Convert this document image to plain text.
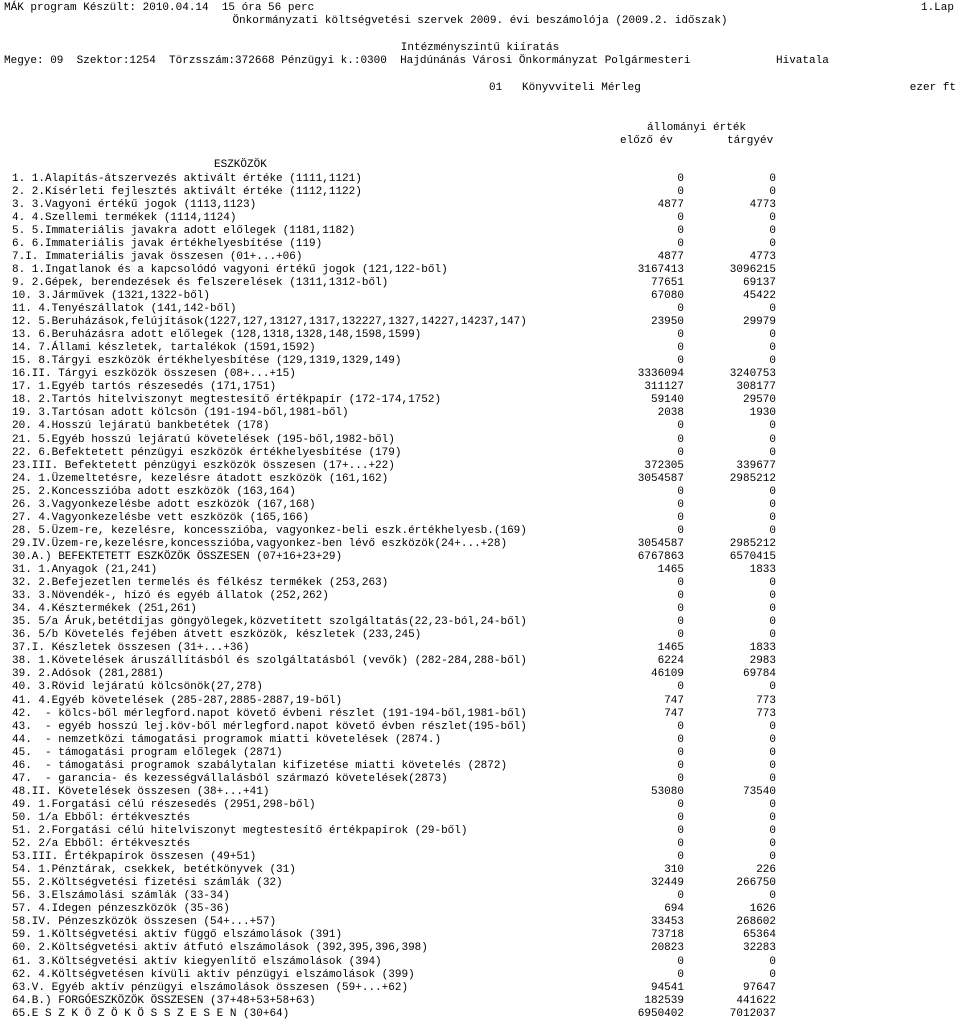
MÁK program Készült: 2010.04.14  15 óra 56 perc	1.Lap
Önkormányzati költségvetési szervek 2009. évi beszámolója (2009.2. időszak)
Intézményszintű kiíratás
Megye: 09  Szektor:1254  Törzsszám:372668 Pénzügyi k.:0300  Hajdúnánás Városi Önkormányzat Polgármesteri	Hivatala
01   Könyvviteli Mérleg	ezer ft
állományi érték
előző év	tárgyév
ESZKÖZÖK
1. 1.Alapítás-átszervezés aktivált értéke (1111,1121)	0	0
2. 2.Kísérleti fejlesztés aktivált értéke (1112,1122)	0	0
3. 3.Vagyoni értékű jogok (1113,1123)	4877	4773
4. 4.Szellemi termékek (1114,1124)	0	0
5. 5.Immateriális javakra adott előlegek (1181,1182)	0	0
6. 6.Immateriális javak értékhelyesbítése (119)	0	0
7.I. Immateriális javak összesen (01+...+06)	4877	4773
8. 1.Ingatlanok és a kapcsolódó vagyoni értékű jogok (121,122-ből)	3167413	3096215
9. 2.Gépek, berendezések és felszerelések (1311,1312-ből)	77651	69137
10. 3.Járművek (1321,1322-ből)	67080	45422
11. 4.Tenyészállatok (141,142-ből)	0	0
12. 5.Beruházások,felújítások(1227,127,13127,1317,132227,1327,14227,14237,147)	23950	29979
13. 6.Beruházásra adott előlegek (128,1318,1328,148,1598,1599)	0	0
14. 7.Állami készletek, tartalékok (1591,1592)	0	0
15. 8.Tárgyi eszközök értékhelyesbítése (129,1319,1329,149)	0	0
16.II. Tárgyi eszközök összesen (08+...+15)	3336094	3240753
17. 1.Egyéb tartós részesedés (171,1751)	311127	308177
18. 2.Tartós hitelviszonyt megtestesítő értékpapír (172-174,1752)	59140	29570
19. 3.Tartósan adott kölcsön (191-194-ből,1981-ből)	2038	1930
20. 4.Hosszú lejáratú bankbetétek (178)	0	0
21. 5.Egyéb hosszú lejáratú követelések (195-ből,1982-ből)	0	0
22. 6.Befektetett pénzügyi eszközök értékhelyesbítése (179)	0	0
23.III. Befektetett pénzügyi eszközök összesen (17+...+22)	372305	339677
24. 1.Üzemeltetésre, kezelésre átadott eszközök (161,162)	3054587	2985212
25. 2.Koncesszióba adott eszközök (163,164)	0	0
26. 3.Vagyonkezelésbe adott eszközök (167,168)	0	0
27. 4.Vagyonkezelésbe vett eszközök (165,166)	0	0
28. 5.Üzem-re, kezelésre, koncesszióba, vagyonkez-beli eszk.értékhelyesb.(169)	0	0
29.IV.Üzem-re,kezelésre,koncesszióba,vagyonkez-ben lévő eszközök(24+...+28)	3054587	2985212
30.A.) BEFEKTETETT ESZKÖZÖK ÖSSZESEN (07+16+23+29)	6767863	6570415
31. 1.Anyagok (21,241)	1465	1833
32. 2.Befejezetlen termelés és félkész termékek (253,263)	0	0
33. 3.Növendék-, hízó és egyéb állatok (252,262)	0	0
34. 4.Késztermékek (251,261)	0	0
35. 5/a Áruk,betétdíjas göngyölegek,közvetített szolgáltatás(22,23-ból,24-ből)	0	0
36. 5/b Követelés fejében átvett eszközök, készletek (233,245)	0	0
37.I. Készletek összesen (31+...+36)	1465	1833
38. 1.Követelések áruszállításból és szolgáltatásból (vevők) (282-284,288-ből)	6224	2983
39. 2.Adósok (281,2881)	46109	69784
40. 3.Rövid lejáratú kölcsönök(27,278)	0	0
41. 4.Egyéb követelések (285-287,2885-2887,19-ből)	747	773
42.  - kölcs-ből mérlegford.napot követő évbeni részlet (191-194-ből,1981-ből)	747	773
43.  - egyéb hosszú lej.köv-ből mérlegford.napot követő évben részlet(195-ből)	0	0
44.  - nemzetközi támogatási programok miatti követelések (2874.)	0	0
45.  - támogatási program előlegek (2871)	0	0
46.  - támogatási programok szabálytalan kifizetése miatti követelés (2872)	0	0
47.  - garancia- és kezességvállalásból származó követelések(2873)	0	0
48.II. Követelések összesen (38+...+41)	53080	73540
49. 1.Forgatási célú részesedés (2951,298-ből)	0	0
50. 1/a Ebből: értékvesztés	0	0
51. 2.Forgatási célú hitelviszonyt megtestesítő értékpapírok (29-ből)	0	0
52. 2/a Ebből: értékvesztés	0	0
53.III. Értékpapírok összesen (49+51)	0	0
54. 1.Pénztárak, csekkek, betétkönyvek (31)	310	226
55. 2.Költségvetési fizetési számlák (32)	32449	266750
56. 3.Elszámolási számlák (33-34)	0	0
57. 4.Idegen pénzeszközök (35-36)	694	1626
58.IV. Pénzeszközök összesen (54+...+57)	33453	268602
59. 1.Költségvetési aktív függő elszámolások (391)	73718	65364
60. 2.Költségvetési aktív átfutó elszámolások (392,395,396,398)	20823	32283
61. 3.Költségvetési aktív kiegyenlítő elszámolások (394)	0	0
62. 4.Költségvetésen kívüli aktív pénzügyi elszámolások (399)	0	0
63.V. Egyéb aktív pénzügyi elszámolások összesen (59+...+62)	94541	97647
64.B.) FORGÓESZKÖZÖK ÖSSZESEN (37+48+53+58+63)	182539	441622
65.E S Z K Ö Z Ö K Ö S S Z E S E N (30+64)	6950402	7012037
